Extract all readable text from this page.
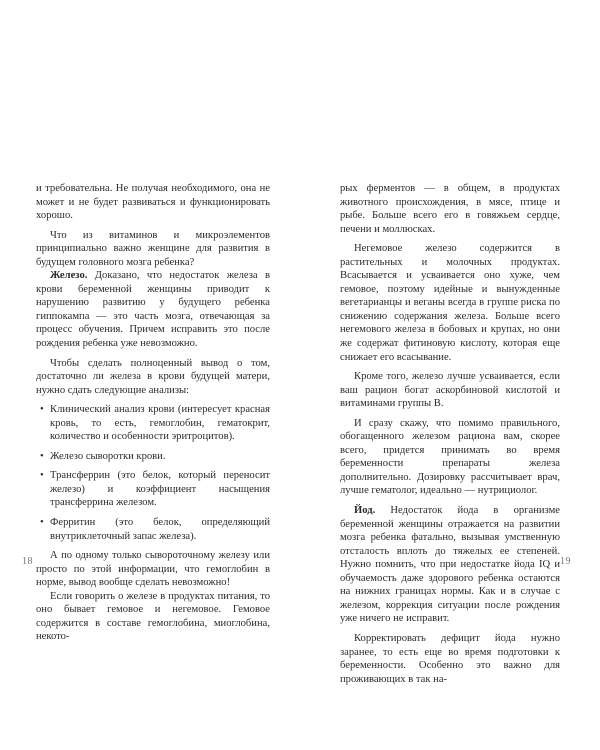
и требовательна. Не получая необходимого, она не может и не будет развиваться и функционировать хорошо.

Что из витаминов и микроэлементов принципиально важно женщине для развития в будущем головного мозга ребенка?

Железо. Доказано, что недостаток железа в крови беременной женщины приводит к нарушению развитию у будущего ребенка гиппокампа — это часть мозга, отвечающая за процесс обучения. Причем исправить это после рождения ребенка уже невозможно.

Чтобы сделать полноценный вывод о том, достаточно ли железа в крови будущей матери, нужно сдать следующие анализы:

• Клинический анализ крови (интересует красная кровь, то есть, гемоглобин, гематокрит, количество и особенности эритроцитов).
• Железо сыворотки крови.
• Трансферрин (это белок, который переносит железо) и коэффициент насыщения трансферрина железом.
• Ферритин (это белок, определяющий внутриклеточный запас железа).

А по одному только сывороточному железу или просто по этой информации, что гемоглобин в норме, вывод вообще сделать невозможно!

Если говорить о железе в продуктах питания, то оно бывает гемовое и негемовое. Гемовое содержится в составе гемоглобина, миоглобина, некото-

18

рых ферментов — в общем, в продуктах животного происхождения, в мясе, птице и рыбе. Больше всего его в говяжьем сердце, печени и моллюсках.

Негемовое железо содержится в растительных и молочных продуктах. Всасывается и усваивается оно хуже, чем гемовое, поэтому идейные и вынужденные вегетарианцы и веганы всегда в группе риска по снижению содержания железа. Больше всего негемового железа в бобовых и крупах, но они же содержат фитиновую кислоту, которая еще снижает его всасывание.

Кроме того, железо лучше усваивается, если ваш рацион богат аскорбиновой кислотой и витаминами группы В.

И сразу скажу, что помимо правильного, обогащенного железом рациона вам, скорее всего, придется принимать во время беременности препараты железа дополнительно. Дозировку рассчитывает врач, лучше гематолог, идеально — нутрициолог.

Йод. Недостаток йода в организме беременной женщины отражается на развитии мозга ребенка фатально, вызывая умственную отсталость вплоть до тяжелых ее степеней. Нужно помнить, что при недостатке йода IQ и обучаемость даже здорового ребенка остаются на нижних границах нормы. Как и в случае с железом, коррекция ситуации после рождения уже ничего не исправит.

Корректировать дефицит йода нужно заранее, то есть еще во время подготовки к беременности. Особенно это важно для проживающих в так на-

19
